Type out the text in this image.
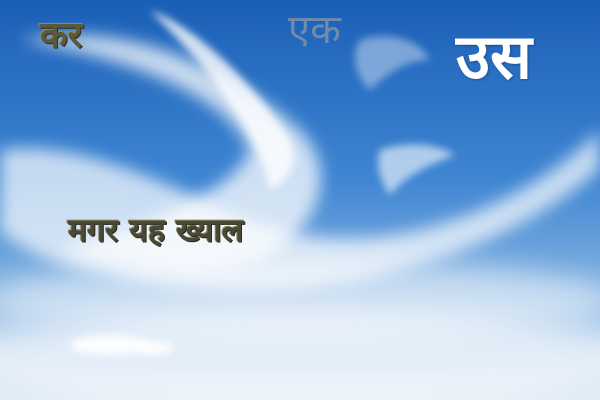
कर	एक उस
मगर यह ख्याल
